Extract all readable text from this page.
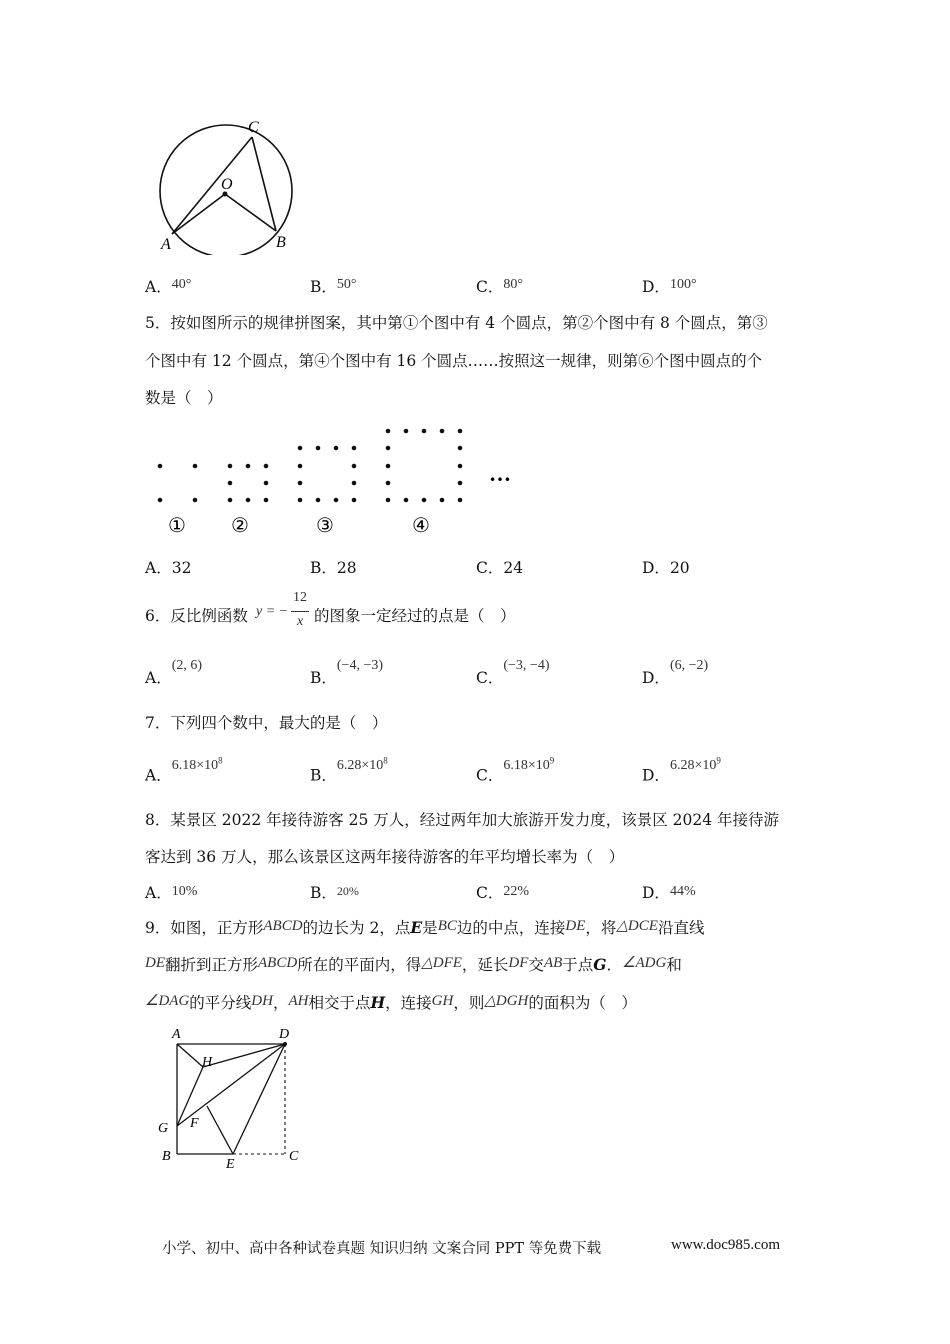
C
O
A	B
A．40°	B．50°	C．80°	D．100°
5．按如图所示的规律拼图案，其中第①个图中有 4 个圆点，第②个图中有 8 个圆点，第③
个图中有 12 个圆点，第④个图中有 16 个圆点……按照这一规律，则第⑥个图中圆点的个
数是（　）
…
① ②	③	④
A．32	B．28	C．24	D．20
6．反比例函数 y = −
12
x 的图象一定经过的点是（　）
A．(2, 6)
B．(−4, −3)
C．(−3, −4)
D．(6, −2)
7．下列四个数中，最大的是（　）
A．$6.18\times 10^8$
B．$6.28\times 10^8$
C．$6.18\times 10^9$
D．$6.28\times 10^9$
8．某景区 2022 年接待游客 25 万人，经过两年加大旅游开发力度，该景区 2024 年接待游
客达到 36 万人，那么该景区这两年接待游客的年平均增长率为（　）
A．10%	B．20%	C．22%	D．44%
9．如图，正方形ABCD的边长为 2，点E是BC边的中点，连接DE，将△DCE沿直线
DE翻折到正方形ABCD所在的平面内，得△DFE，延长DF交AB于点G．∠ADG和
∠DAG的平分线DH，AH相交于点H，连接GH，则△DGH的面积为（　）
A	D
H
G F
B
E
C
小学、初中、高中各种试卷真题 知识归纳 文案合同 PPT 等免费下载	www.doc985.com
